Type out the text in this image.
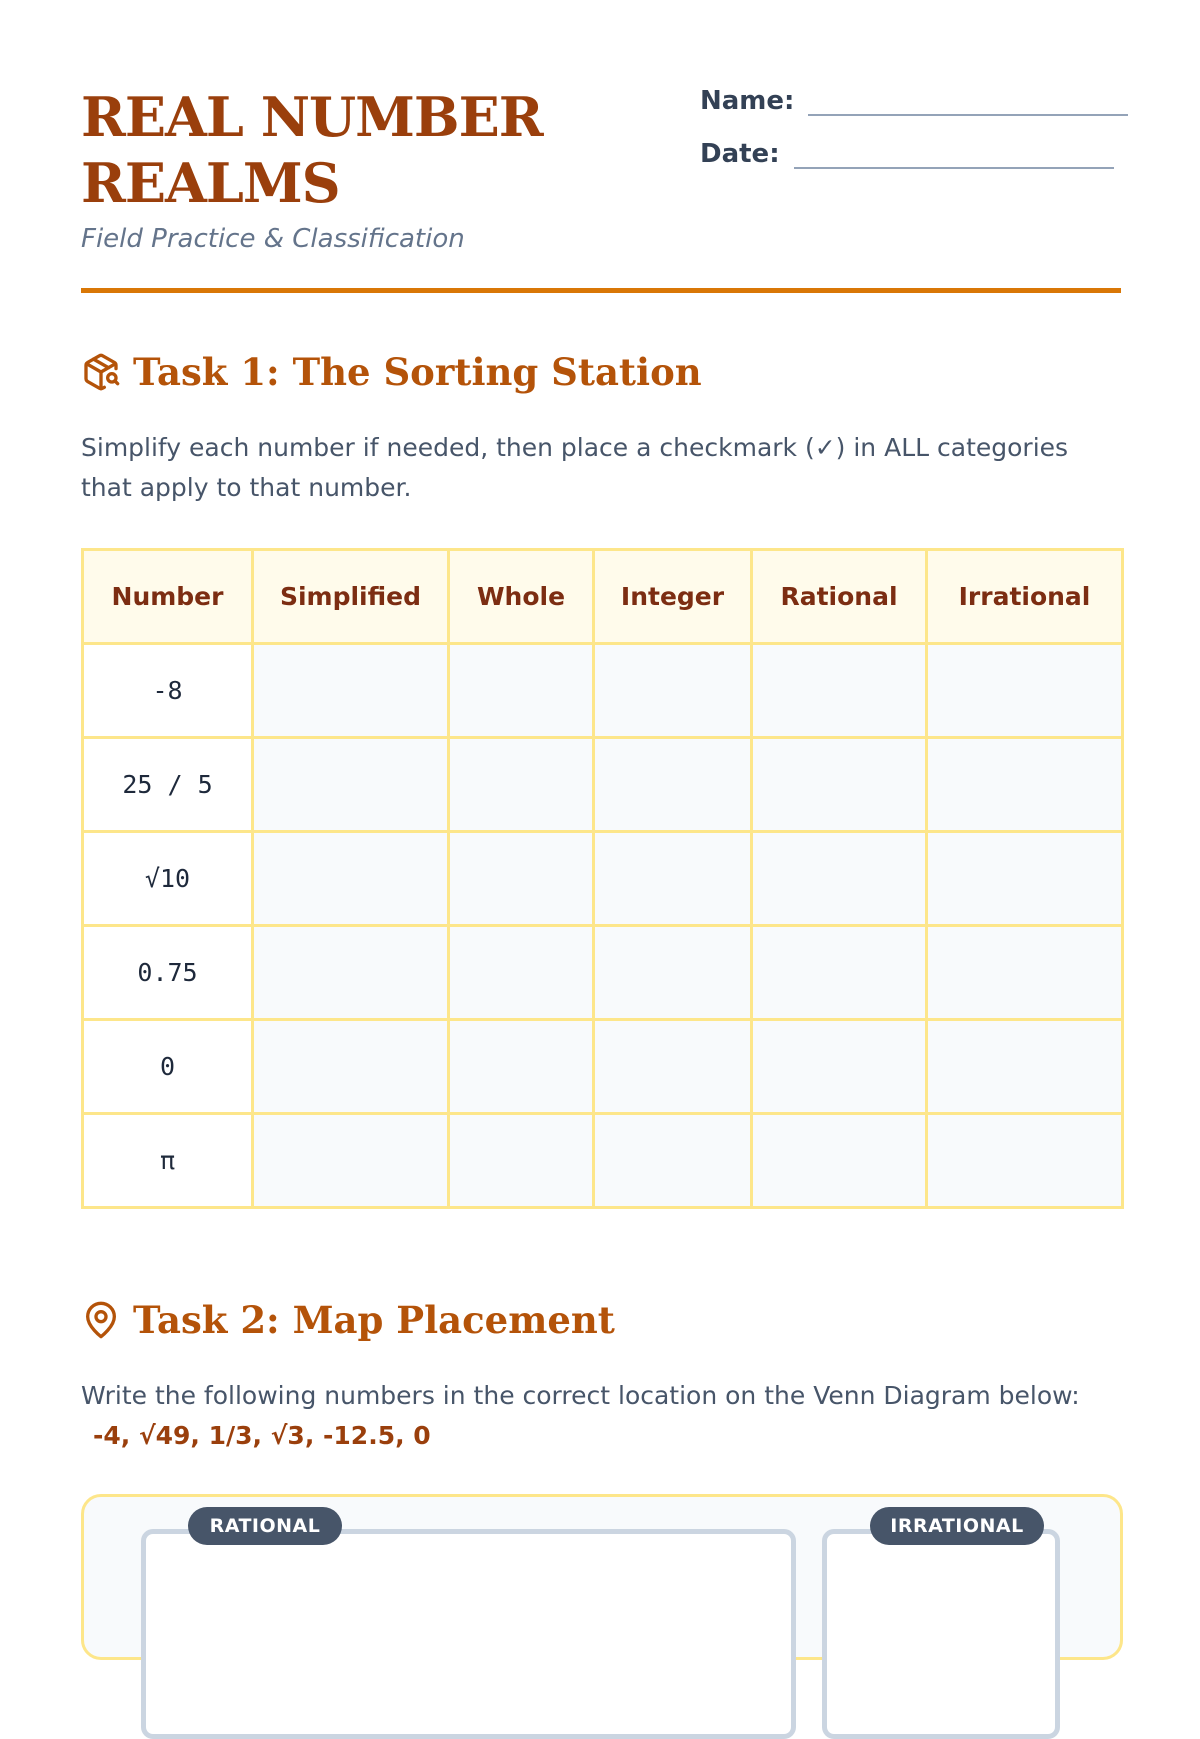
REAL NUMBER REALMS
Field Practice & Classification
Name:
Date:
Task 1: The Sorting Station
Simplify each number if needed, then place a checkmark (✓) in ALL categories that apply to that number.
Number	Simplified	Whole	Integer	Rational	Irrational
-8					
25 / 5					
√10					
0.75					
0					
π					
Task 2: Map Placement
Write the following numbers in the correct location on the Venn Diagram below:
-4, √49, 1/3, √3, -12.5, 0
RATIONAL	IRRATIONAL
